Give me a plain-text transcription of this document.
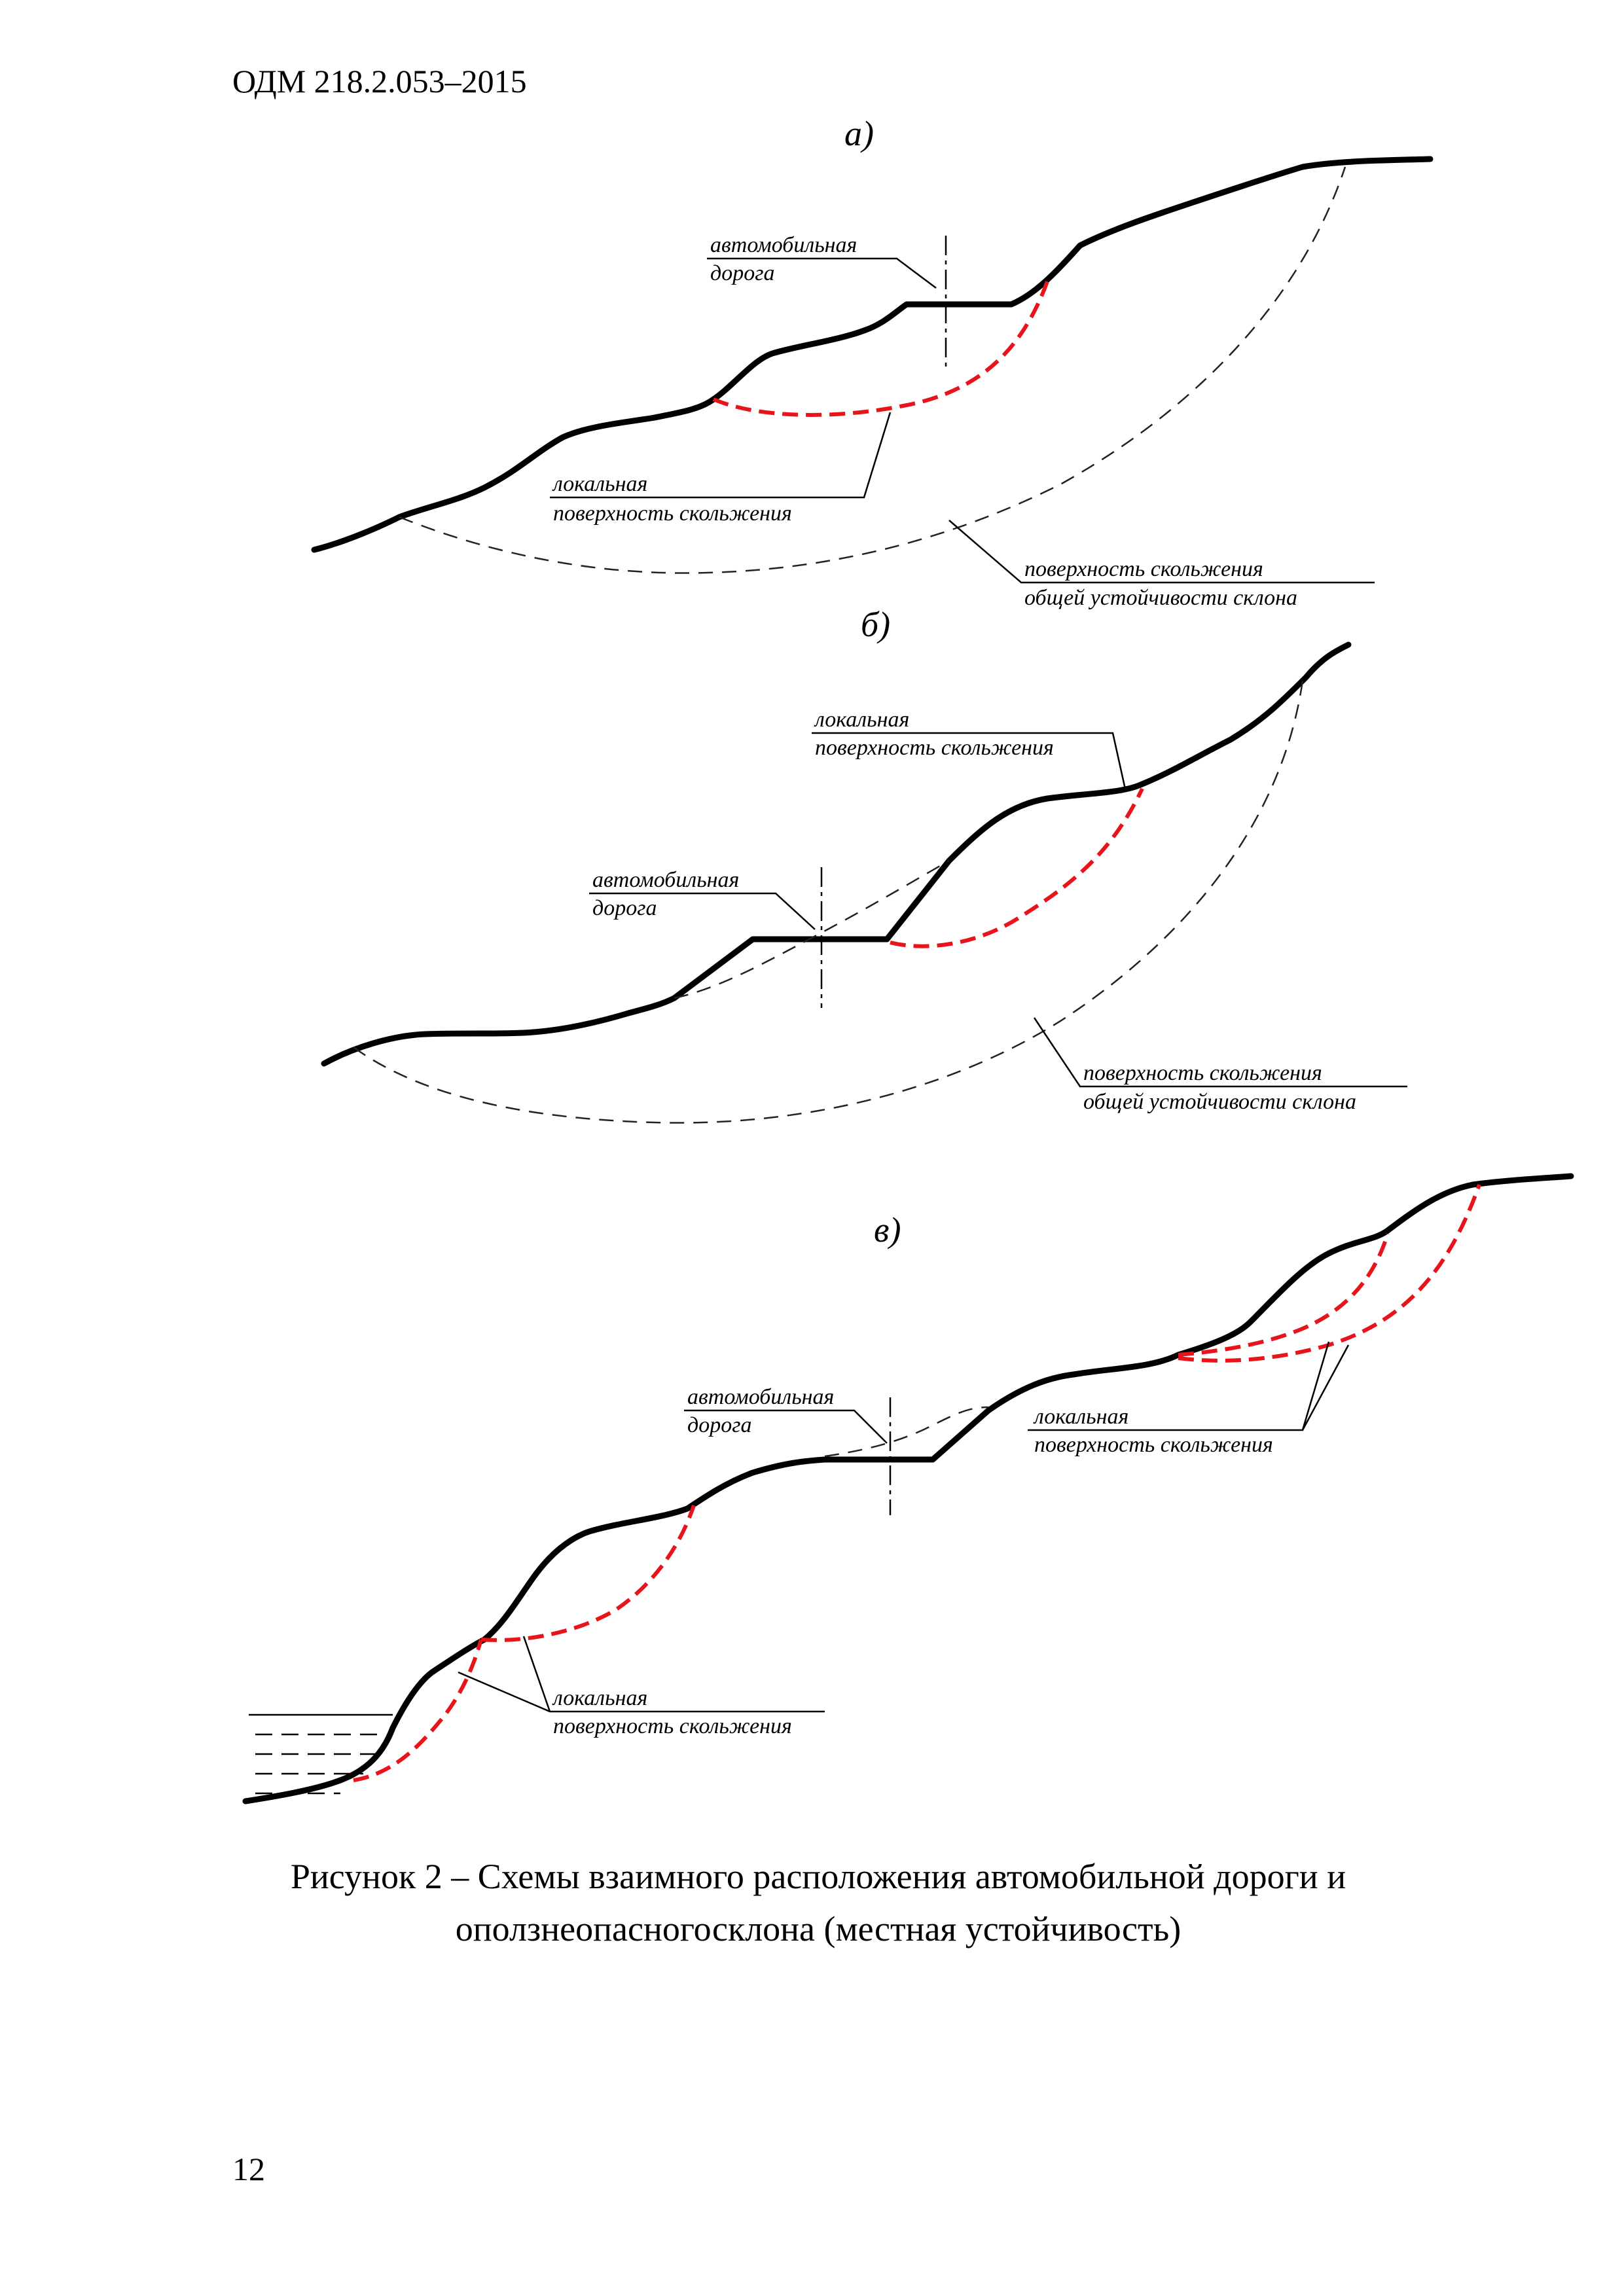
ОДМ 218.2.053–2015
а)
автомобильная
дорога
локальная
поверхность скольжения
поверхность скольжения
общей устойчивости склона
б)
локальная
поверхность скольжения
автомобильная
дорога
поверхность скольжения
общей устойчивости склона
в)
автомобильная
дорога	локальная
поверхность скольжения
локальная
поверхность скольжения
Рисунок 2 – Схемы взаимного расположения автомобильной дороги и
оползнеопасногосклона (местная устойчивость)
12
